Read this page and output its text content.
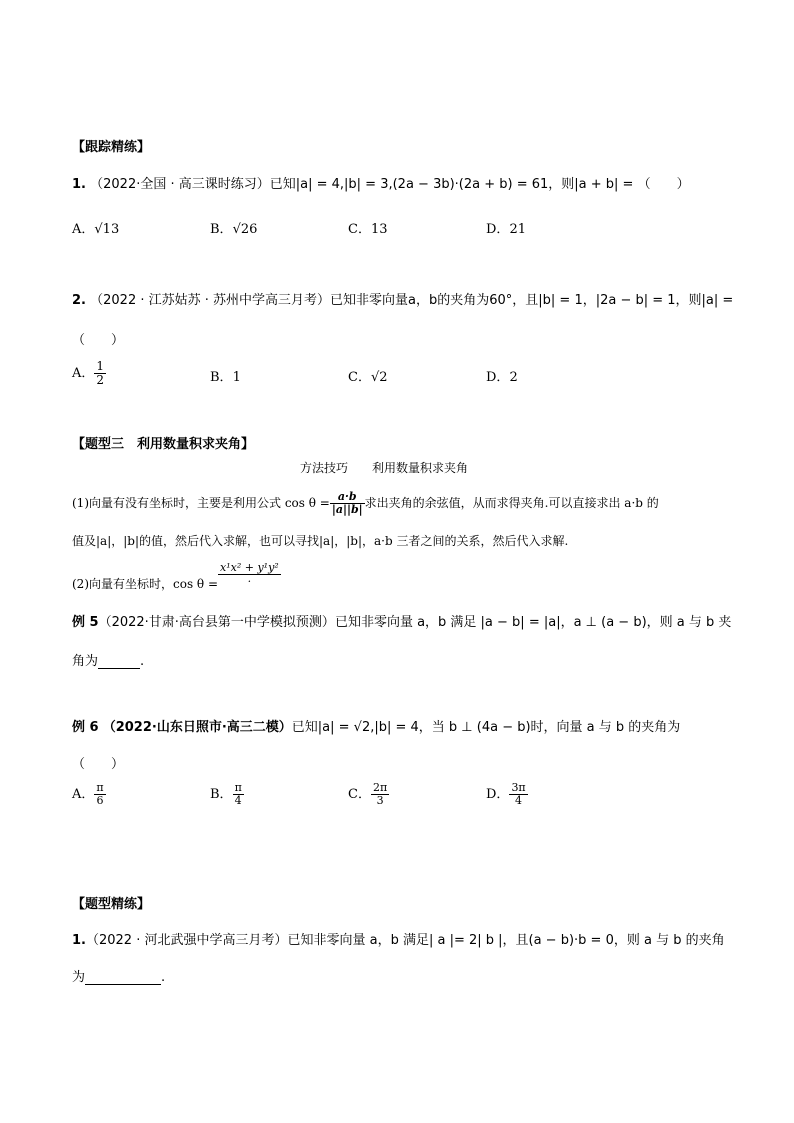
【跟踪精练】
1. （2022·全国 · 高三课时练习）已知|a| = 4,|b| = 3,(2a − 3b)·(2a + b) = 61，则|a + b| = （　　）
A．√13	B．√26	C．13	D．21
2. （2022 · 江苏姑苏 · 苏州中学高三月考）已知非零向量a，b的夹角为60°，且|b| = 1，|2a − b| = 1，则|a| =
（　　）
A． $\frac{1}{2}$	B．1	C．√2	D．2
【题型三　利用数量积求夹角】
方法技巧　　利用数量积求夹角
(1)向量有没有坐标时，主要是利用公式 $\cos \theta = \frac{a\cdot b}{|a||b|}$ 求出夹角的余弦值，从而求得夹角.可以直接求出 a·b 的
值及|a|，|b|的值，然后代入求解，也可以寻找|a|，|b|，a·b 三者之间的关系，然后代入求解.
(2)向量有坐标时，cos θ =
$\frac{\text{x¹x² + y¹y²}}{.}$
例 5（2022·甘肃·高台县第一中学模拟预测）已知非零向量 a，b 满足 |a − b| = |a|，a ⊥ (a − b)，则 a 与 b 夹
角为	.
例 6 （2022·山东日照市·高三二模）已知|a| = √2,|b| = 4，当 b ⊥ (4a − b)时，向量 a 与 b 的夹角为
（　　）
A． $\frac{\pi}{6}$	B． $\frac{\pi}{4}$	C． $\frac{2\pi}{3}$	D． $\frac{3\pi}{4}$
【题型精练】
1.（2022 · 河北武强中学高三月考）已知非零向量 a，b 满足| a |= 2| b |，且(a − b)·b = 0，则 a 与 b 的夹角
为	.
